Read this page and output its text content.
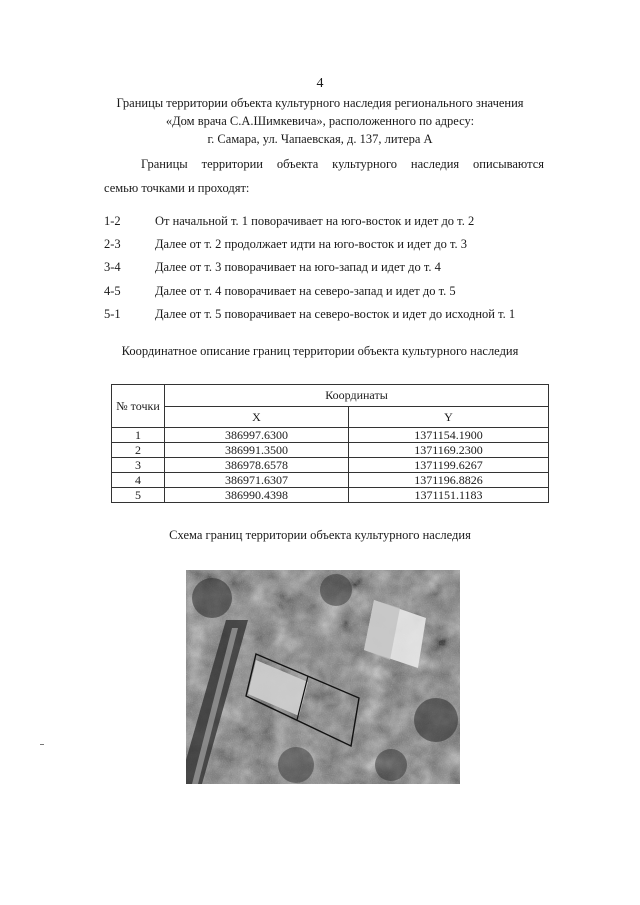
4
Границы территории объекта культурного наследия регионального значения
«Дом врача С.А.Шимкевича», расположенного по адресу:
г. Самара, ул. Чапаевская, д. 137, литера А
Границы территории объекта культурного наследия описываются
семью точками и проходят:
1-2	От начальной т. 1 поворачивает на юго-восток и идет до т. 2
2-3	Далее от т. 2 продолжает идти на юго-восток и идет до т. 3
3-4	Далее от т. 3 поворачивает на юго-запад и идет до т. 4
4-5	Далее от т. 4 поворачивает на северо-запад и идет до т. 5
5-1	Далее от т. 5 поворачивает на северо-восток и идет до исходной т. 1
Координатное описание границ территории объекта культурного наследия
№ точки	Координаты	
	X	Y
1	386997.6300	1371154.1900
2	386991.3500	1371169.2300
3	386978.6578	1371199.6267
4	386971.6307	1371196.8826
5	386990.4398	1371151.1183
Схема границ территории объекта культурного наследия
